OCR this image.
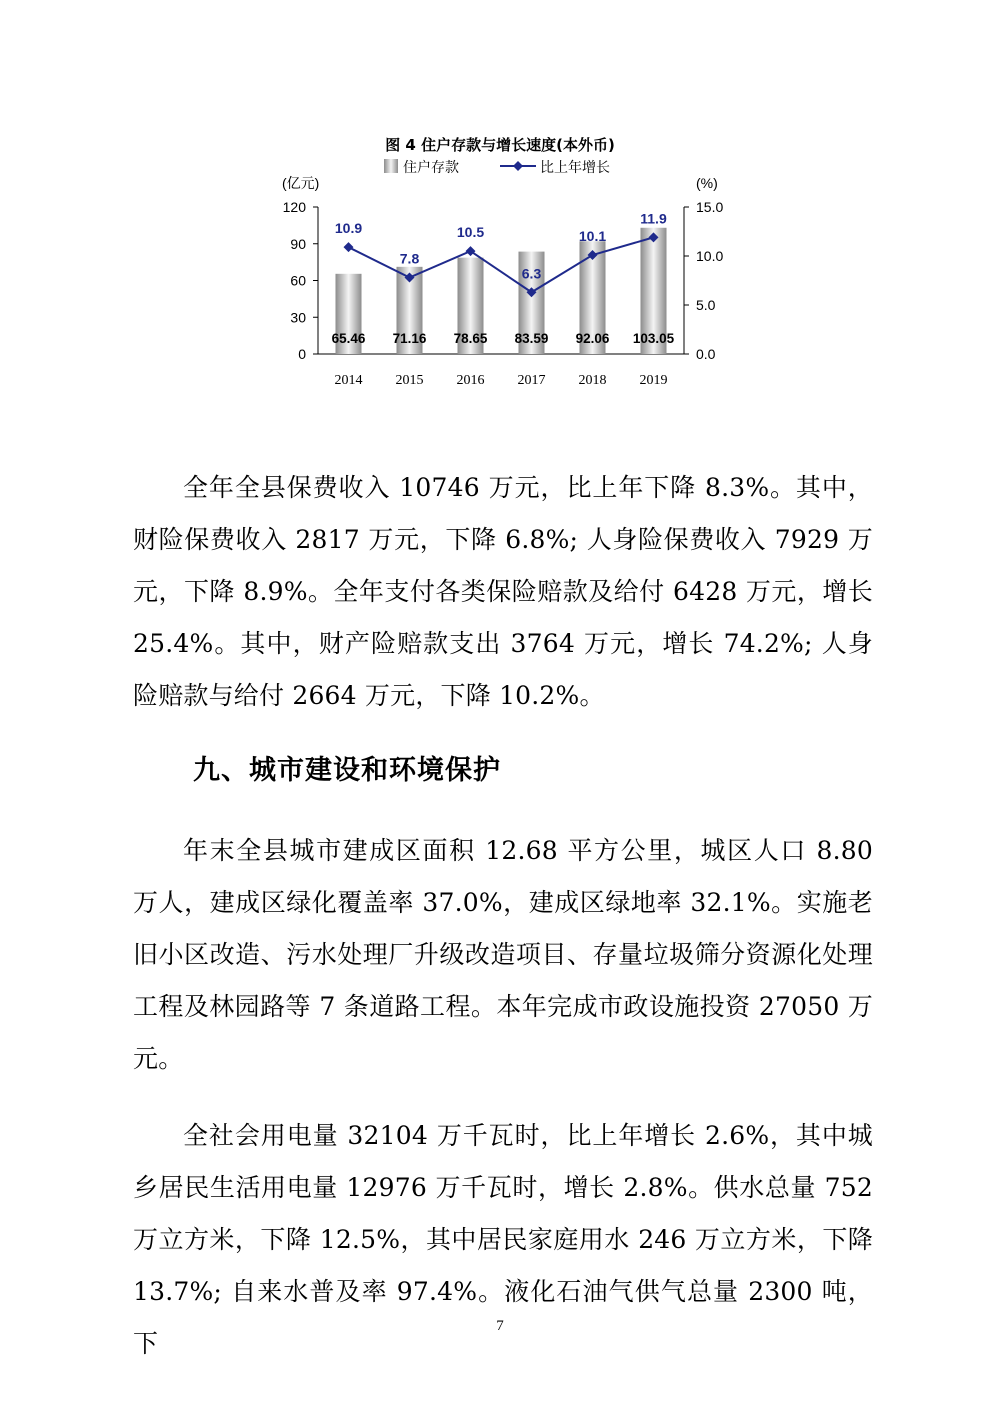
图 4 住户存款与增长速度(本外币)
住户存款	比上年增长
(亿元)	(%)
120
90
60
30
0
15.0
10.0
5.0
0.0
65.46 71.16 78.65 83.59 92.06 103.05
10.9
7.8
10.5
6.3
10.1
11.9
2014 2015 2016 2017 2018 2019

全年全县保费收入 10746 万元，比上年下降 8.3%。其中，财险保费收入 2817 万元，下降 6.8%; 人身险保费收入 7929 万元，下降 8.9%。全年支付各类保险赔款及给付 6428 万元，增长 25.4%。其中，财产险赔款支出 3764 万元，增长 74.2%; 人身险赔款与给付 2664 万元，下降 10.2%。

九、城市建设和环境保护

年末全县城市建成区面积 12.68 平方公里，城区人口 8.80 万人，建成区绿化覆盖率 37.0%，建成区绿地率 32.1%。实施老旧小区改造、污水处理厂升级改造项目、存量垃圾筛分资源化处理工程及林园路等 7 条道路工程。本年完成市政设施投资 27050 万元。

全社会用电量 32104 万千瓦时，比上年增长 2.6%，其中城乡居民生活用电量 12976 万千瓦时，增长 2.8%。供水总量 752 万立方米，下降 12.5%，其中居民家庭用水 246 万立方米，下降 13.7%; 自来水普及率 97.4%。液化石油气供气总量 2300 吨，下

7
